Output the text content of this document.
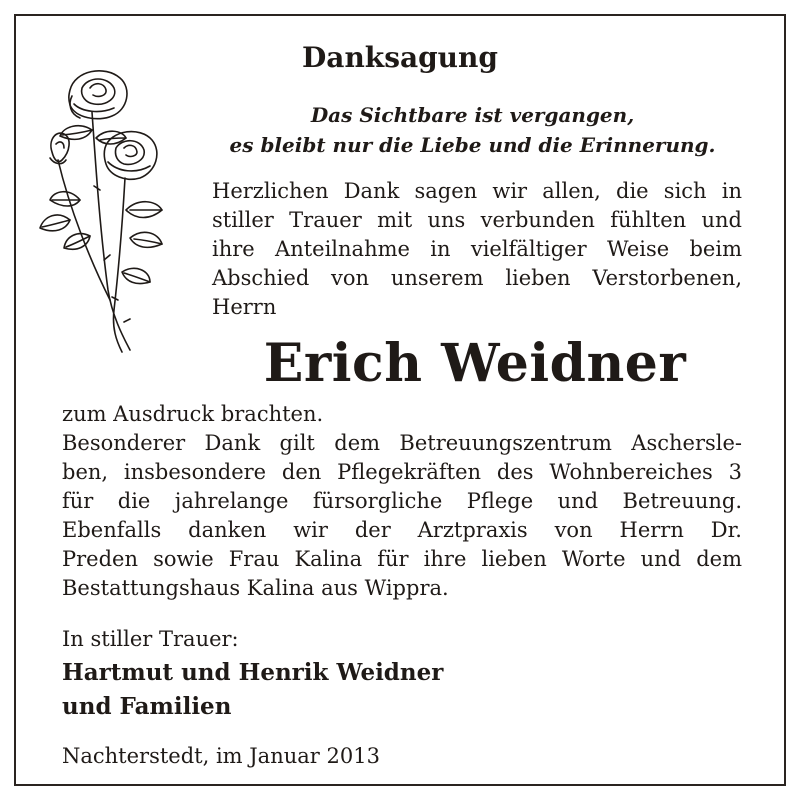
Danksagung
Das Sichtbare ist vergangen,
es bleibt nur die Liebe und die Erinnerung.
Herzlichen Dank sagen wir allen, die sich in
stiller Trauer mit uns verbunden fühlten und
ihre Anteilnahme in vielfältiger Weise beim
Abschied von unserem lieben Verstorbenen,
Herrn
Erich Weidner
zum Ausdruck brachten.
Besonderer Dank gilt dem Betreuungszentrum Aschersle-
ben, insbesondere den Pflegekräften des Wohnbereiches 3
für die jahrelange fürsorgliche Pflege und Betreuung.
Ebenfalls danken wir der Arztpraxis von Herrn Dr.
Preden sowie Frau Kalina für ihre lieben Worte und dem
Bestattungshaus Kalina aus Wippra.
In stiller Trauer:
Hartmut und Henrik Weidner
und Familien
Nachterstedt, im Januar 2013
